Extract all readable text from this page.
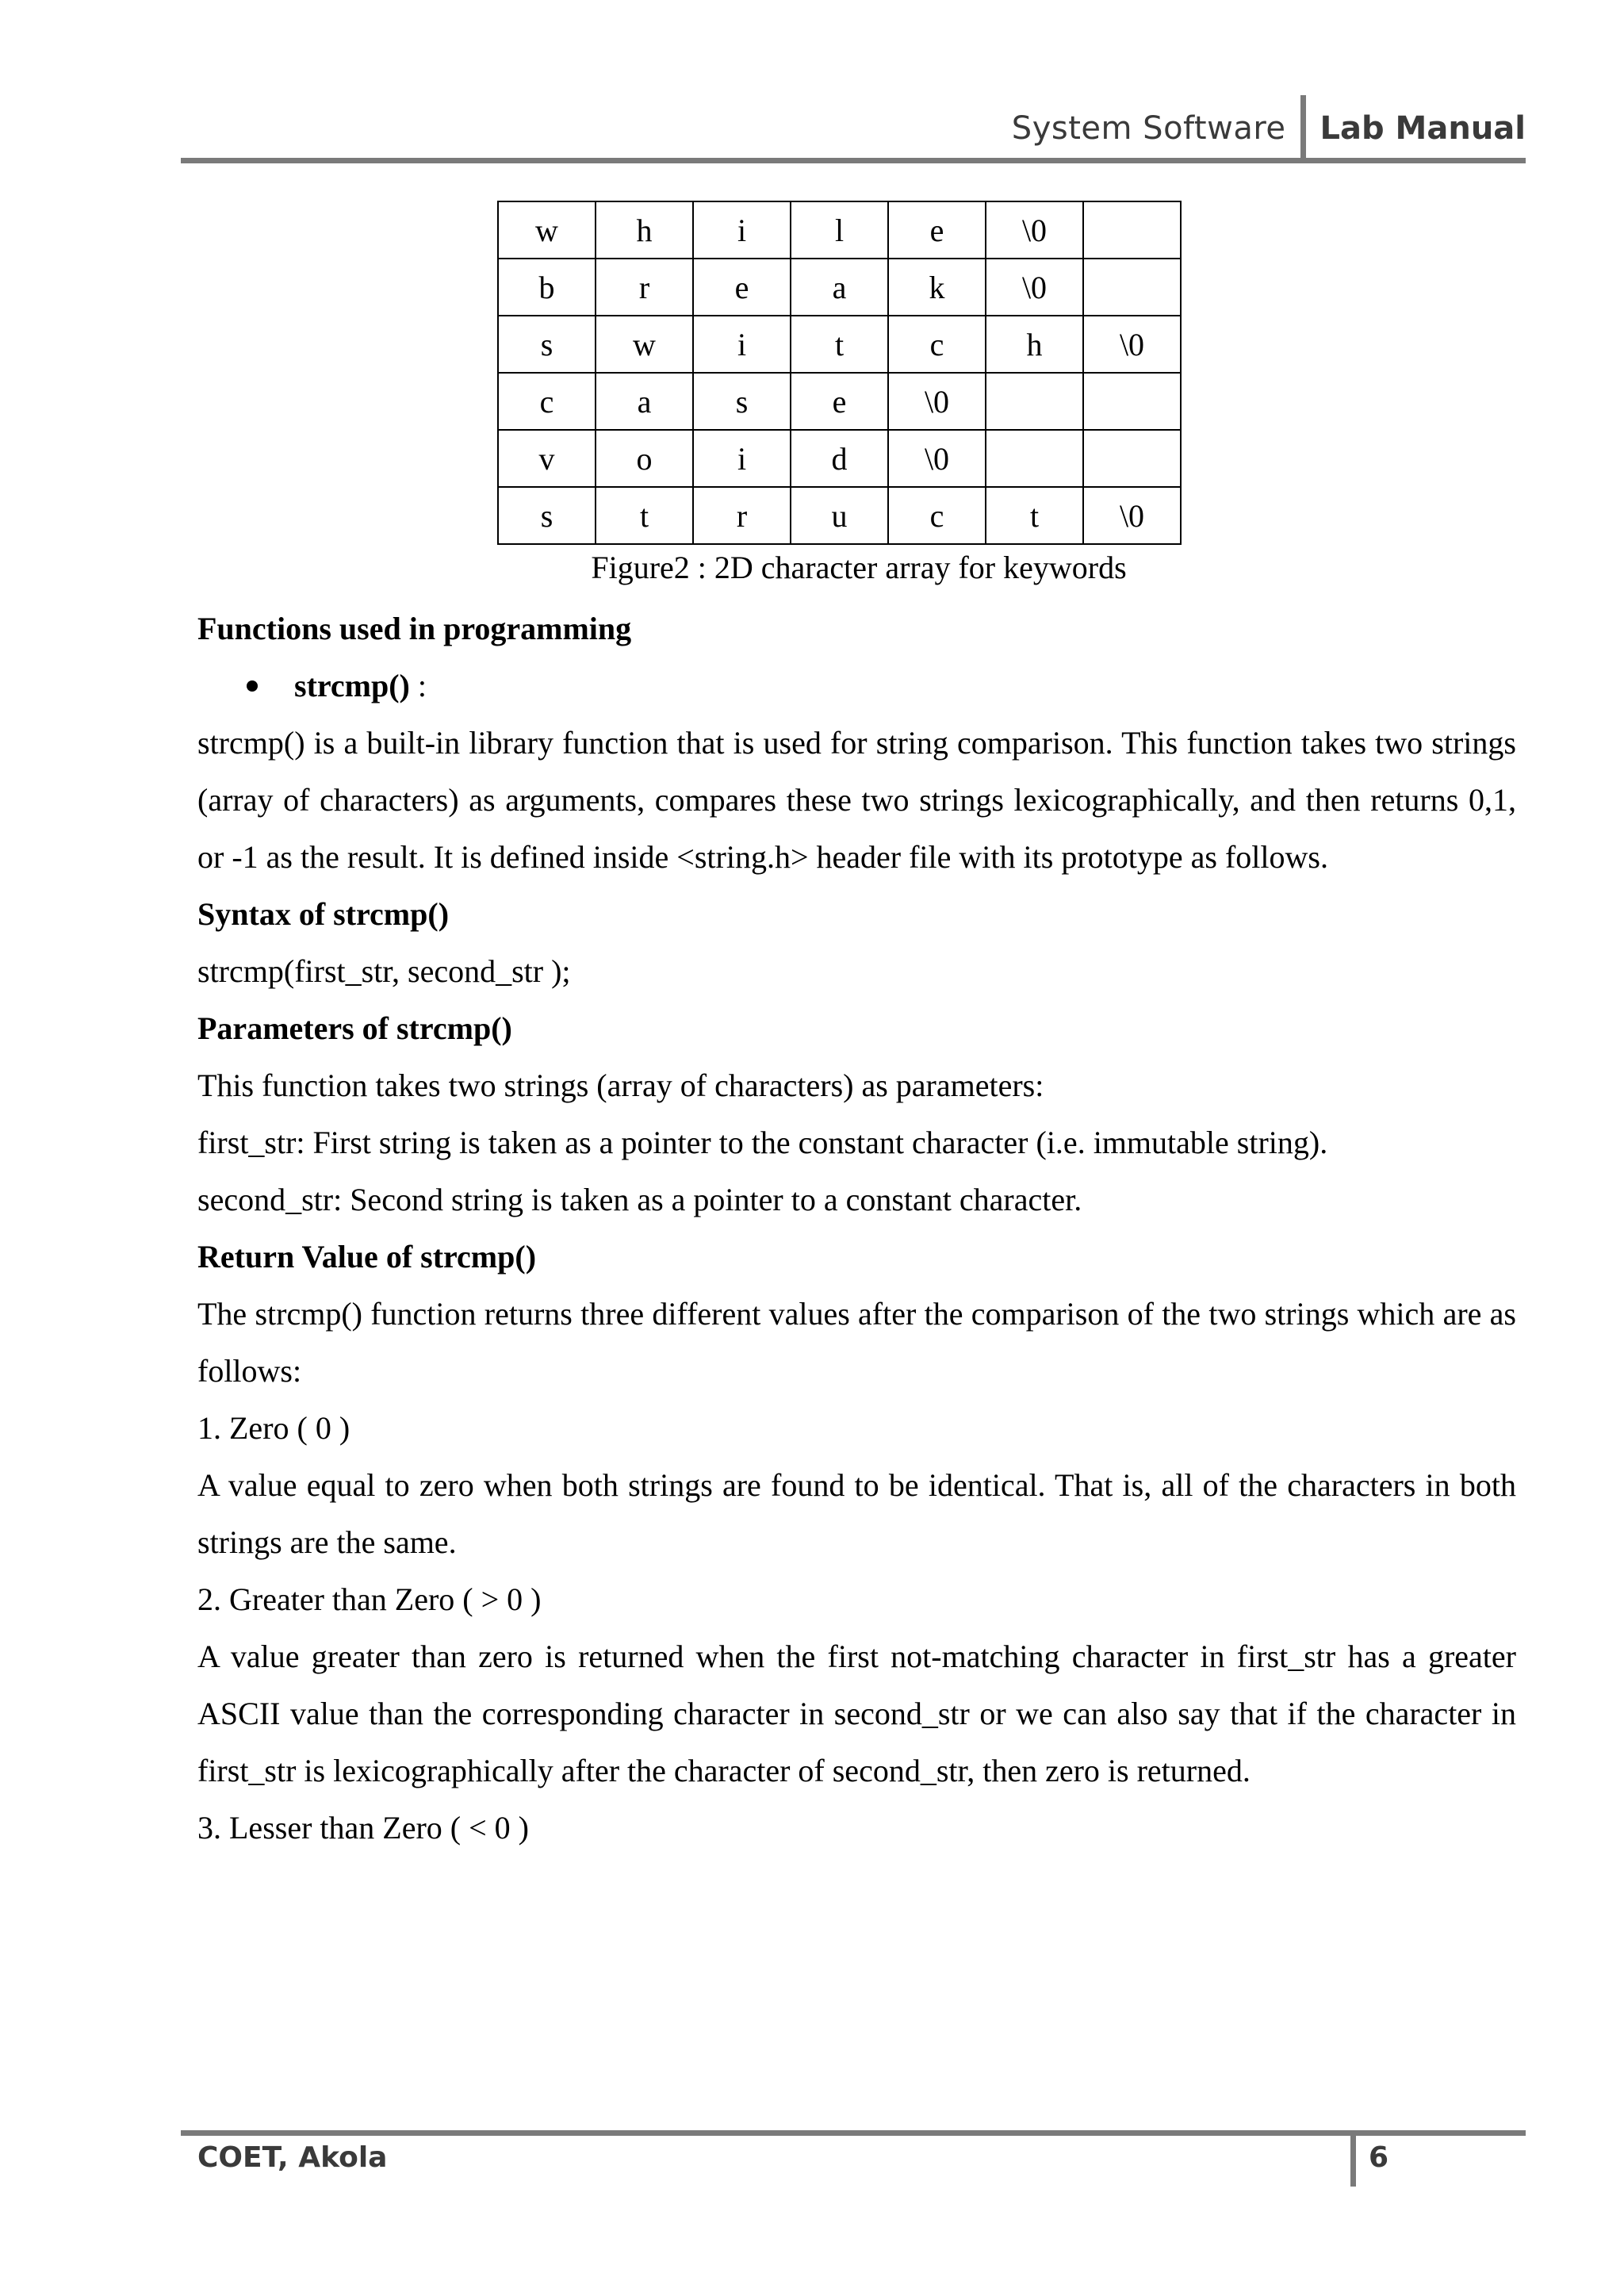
System Software	Lab Manual
w	h	i	l	e	\0	
b	r	e	a	k	\0	
s	w	i	t	c	h	\0
c	a	s	e	\0		
v	o	i	d	\0		
s	t	r	u	c	t	\0
Figure2 : 2D character array for keywords

Functions used in programming

strcmp() :

strcmp() is a built-in library function that is used for string comparison. This function takes two strings (array of characters) as arguments, compares these two strings lexicographically, and then returns 0,1, or -1 as the result. It is defined inside <string.h> header file with its prototype as follows.

Syntax of strcmp()

strcmp(first_str, second_str );

Parameters of strcmp()

This function takes two strings (array of characters) as parameters:

first_str: First string is taken as a pointer to the constant character (i.e. immutable string).

second_str: Second string is taken as a pointer to a constant character.

Return Value of strcmp()

The strcmp() function returns three different values after the comparison of the two strings which are as follows:

1. Zero ( 0 )

A value equal to zero when both strings are found to be identical. That is, all of the characters in both strings are the same.

2. Greater than Zero ( > 0 )

A value greater than zero is returned when the first not-matching character in first_str has a greater ASCII value than the corresponding character in second_str or we can also say that if the character in first_str is lexicographically after the character of second_str, then zero is returned.

3. Lesser than Zero ( < 0 )

COET, Akola	6
